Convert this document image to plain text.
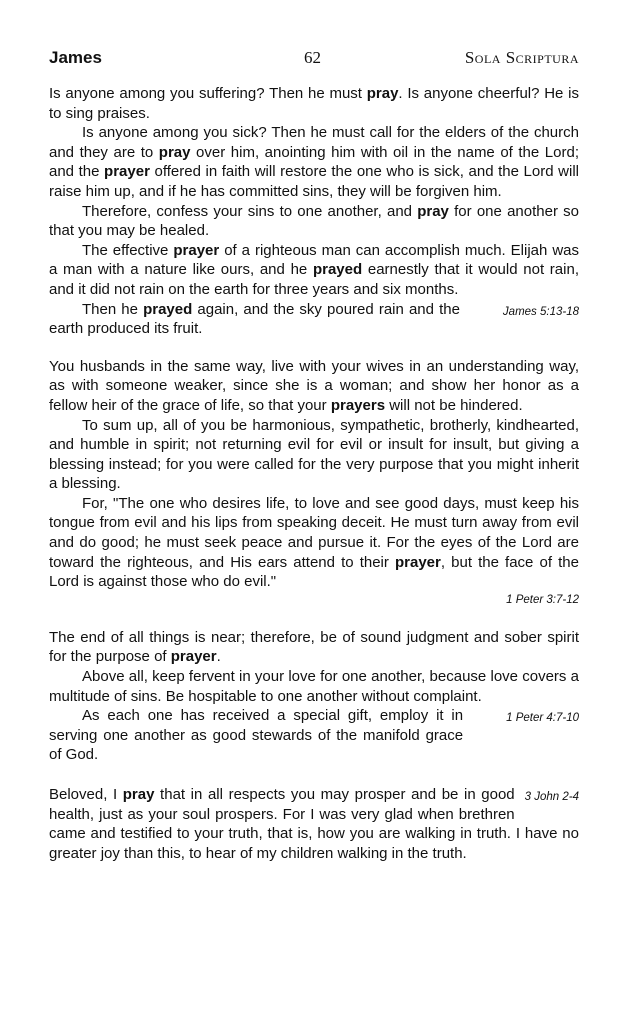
James	62	Sola Scriptura

Is anyone among you suffering? Then he must pray. Is anyone cheerful? He is to sing praises.

Is anyone among you sick? Then he must call for the elders of the church and they are to pray over him, anointing him with oil in the name of the Lord; and the prayer offered in faith will restore the one who is sick, and the Lord will raise him up, and if he has committed sins, they will be forgiven him.

Therefore, confess your sins to one another, and pray for one another so that you may be healed.

The effective prayer of a righteous man can accomplish much. Elijah was a man with a nature like ours, and he prayed earnestly that it would not rain, and it did not rain on the earth for three years and six months.

James 5:13-18
Then he prayed again, and the sky poured rain and the earth produced its fruit.

You husbands in the same way, live with your wives in an understanding way, as with someone weaker, since she is a woman; and show her honor as a fellow heir of the grace of life, so that your prayers will not be hindered.

To sum up, all of you be harmonious, sympathetic, brotherly, kindhearted, and humble in spirit; not returning evil for evil or insult for insult, but giving a blessing instead; for you were called for the very purpose that you might inherit a blessing.

For, "The one who desires life, to love and see good days, must keep his tongue from evil and his lips from speaking deceit. He must turn away from evil and do good; he must seek peace and pursue it. For the eyes of the Lord are toward the righteous, and His ears attend to their prayer, but the face of the Lord is against those who do evil."

1 Peter 3:7-12

The end of all things is near; therefore, be of sound judgment and sober spirit for the purpose of prayer.

Above all, keep fervent in your love for one another, because love covers a multitude of sins. Be hospitable to one another without complaint.

1 Peter 4:7-10
As each one has received a special gift, employ it in serving one another as good stewards of the manifold grace of God.

3 John 2-4
Beloved, I pray that in all respects you may prosper and be in good health, just as your soul prospers. For I was very glad when brethren came and testified to your truth, that is, how you are walking in truth. I have no greater joy than this, to hear of my children walking in the truth.
